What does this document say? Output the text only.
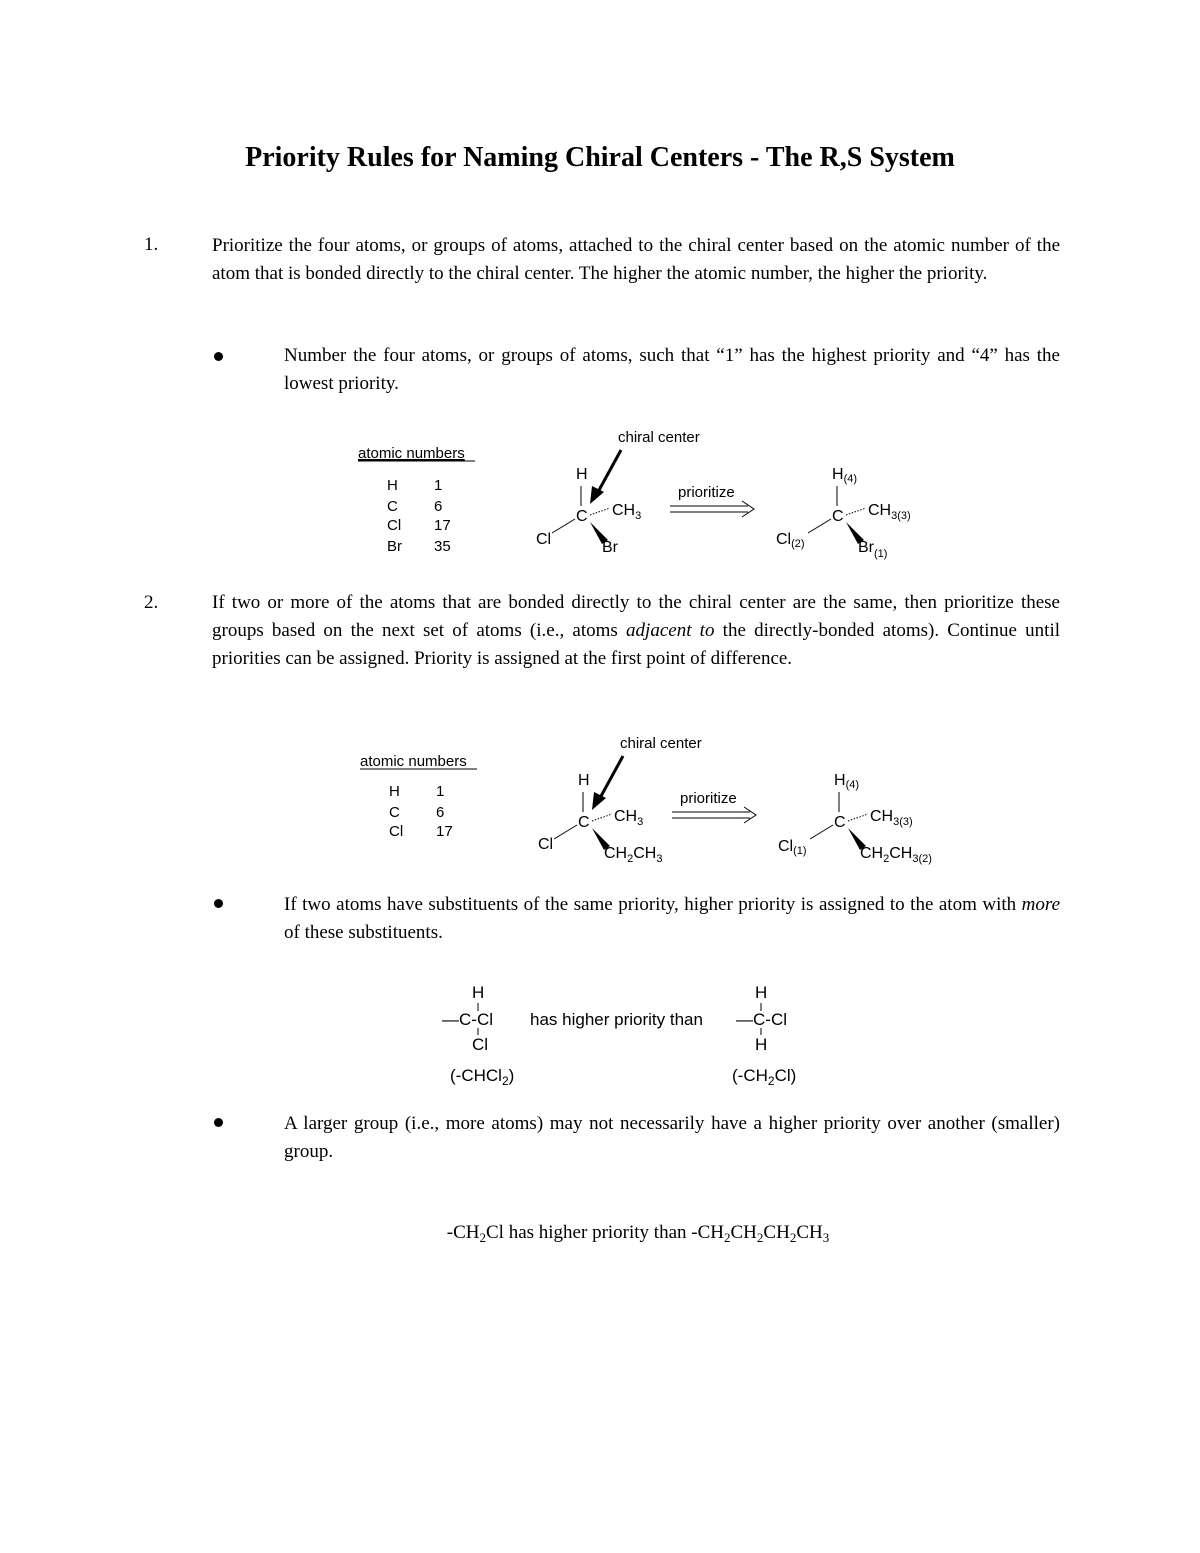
Priority Rules for Naming Chiral Centers - The R,S System
1.	Prioritize the four atoms, or groups of atoms, attached to the chiral center based on the atomic number of the atom that is bonded directly to the chiral center. The higher the atomic number, the higher the priority.
Number the four atoms, or groups of atoms, such that “1” has the highest priority and “4” has the lowest priority.
atomic numbers
H 1
C 6
Cl 17
Br 35
chiral center
H
C $CH_3$
Cl	Br
prioritize
H(4)
C $CH_{3(3)}$
Cl(2)	$Br_{(1)}$
2.	If two or more of the atoms that are bonded directly to the chiral center are the same, then prioritize these groups based on the next set of atoms (i.e., atoms adjacent to the directly-bonded atoms). Continue until priorities can be assigned. Priority is assigned at the first point of difference.
atomic numbers
H 1
C 6
Cl 17
chiral center
H
C $CH_3$
Cl
$CH_2CH_3$
prioritize
H(4)
C $CH_{3(3)}$
Cl(1)	$CH_2CH_{3(2)}$
If two atoms have substituents of the same priority, higher priority is assigned to the atom with more of these substituents.
H
—C-Cl
Cl
(-CHCl$_2$)
has higher priority than
H
—C-Cl
H
$(-CH_2Cl)$
A larger group (i.e., more atoms) may not necessarily have a higher priority over another (smaller) group.
$-CH_2Cl$ has higher priority than $-CH_2CH_2CH_2CH_3$
